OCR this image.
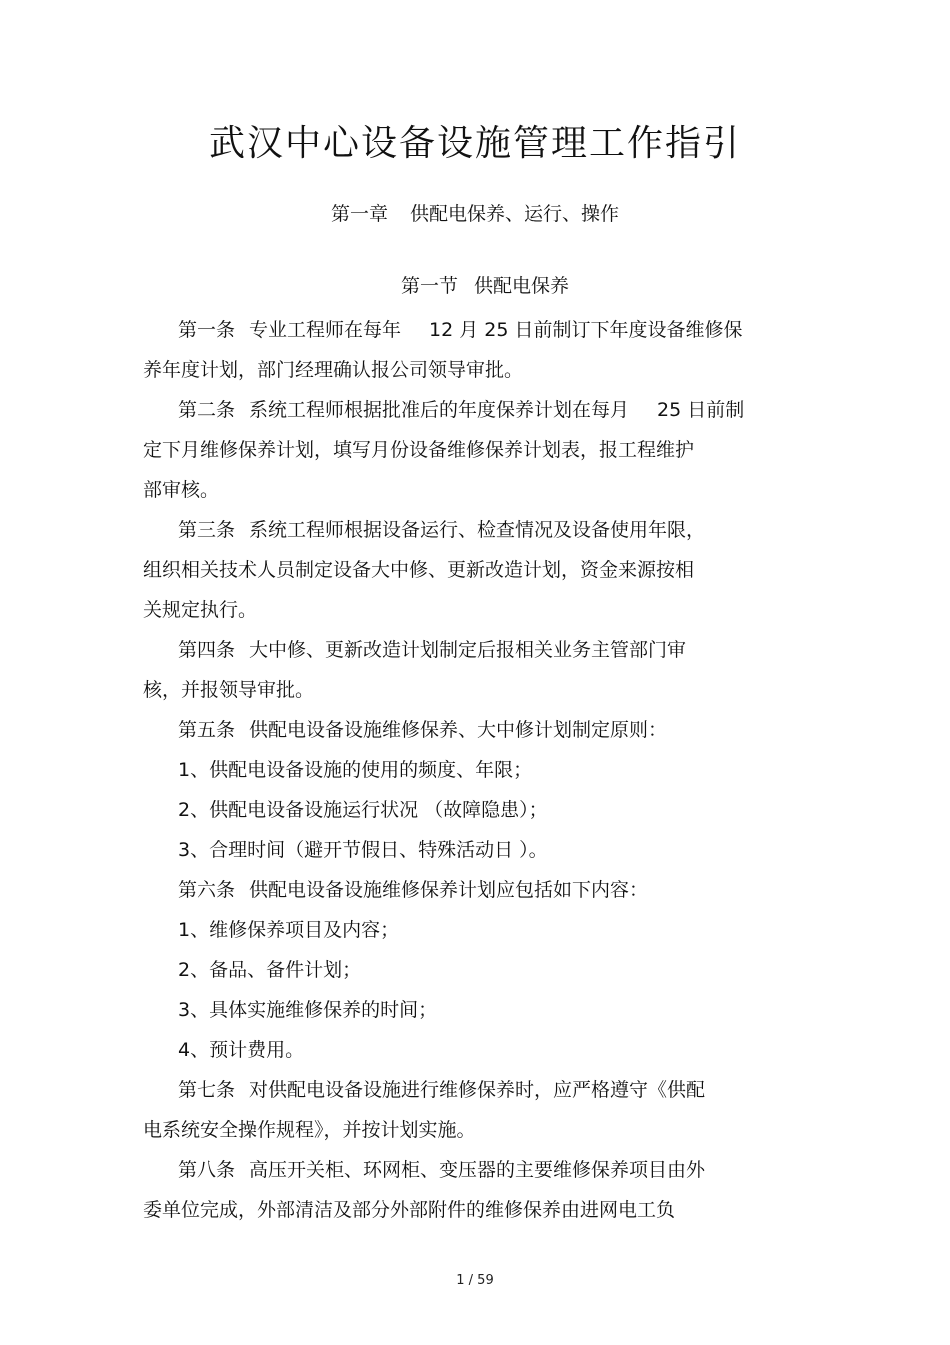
武汉中心设备设施管理工作指引
第一章 供配电保养、运行、操作
第一节 供配电保养
第一条 专业工程师在每年 12 月 25 日前制订下年度设备维修保
养年度计划，部门经理确认报公司领导审批。
第二条 系统工程师根据批准后的年度保养计划在每月 25 日前制
定下月维修保养计划，填写月份设备维修保养计划表，报工程维护
部审核。
第三条 系统工程师根据设备运行、检查情况及设备使用年限，
组织相关技术人员制定设备大中修、更新改造计划，资金来源按相
关规定执行。
第四条 大中修、更新改造计划制定后报相关业务主管部门审
核，并报领导审批。
第五条 供配电设备设施维修保养、大中修计划制定原则：
1、供配电设备设施的使用的频度、年限；
2、供配电设备设施运行状况 （故障隐患）；
3、合理时间（避开节假日、特殊活动日 ）。
第六条 供配电设备设施维修保养计划应包括如下内容：
1、维修保养项目及内容；
2、备品、备件计划；
3、具体实施维修保养的时间；
4、预计费用。
第七条 对供配电设备设施进行维修保养时，应严格遵守《供配
电系统安全操作规程》，并按计划实施。
第八条 高压开关柜、环网柜、变压器的主要维修保养项目由外
委单位完成，外部清洁及部分外部附件的维修保养由进网电工负
1 / 59
